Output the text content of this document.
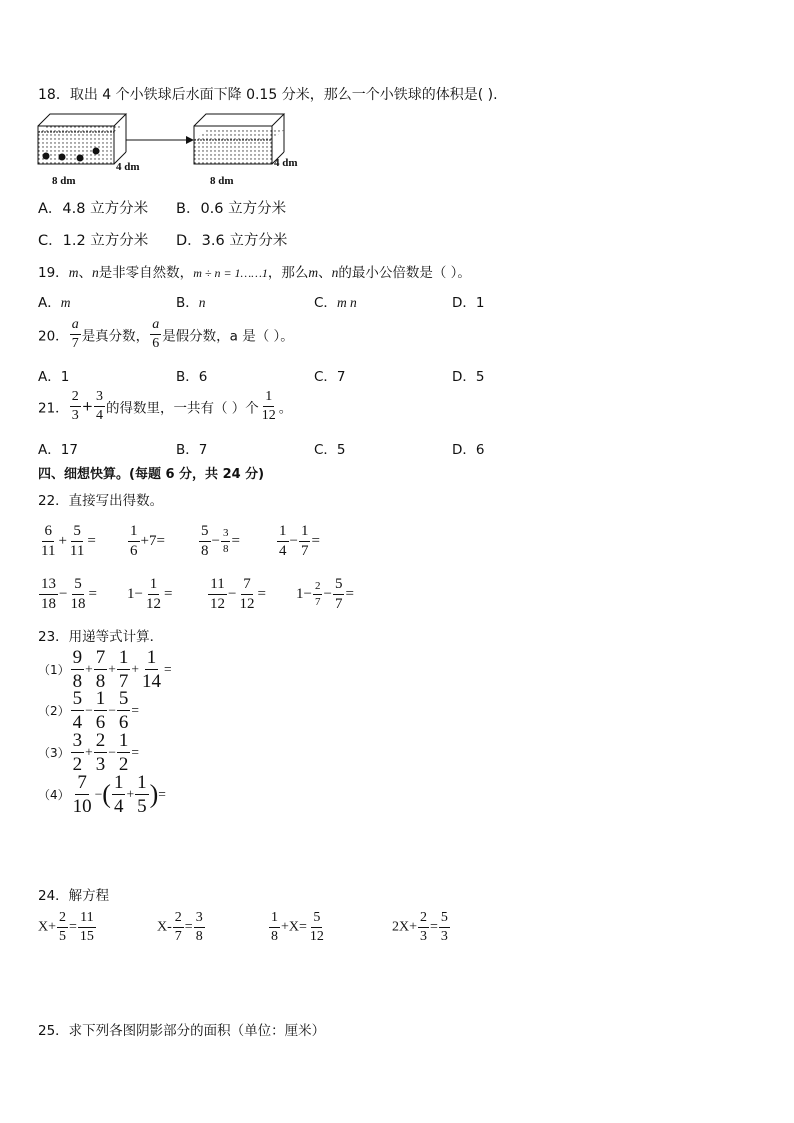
18．取出 4 个小铁球后水面下降 0.15 分米，那么一个小铁球的体积是( ).
8 dm
4 dm
8 dm
4 dm
A．4.8 立方分米 B．0.6 立方分米
C．1.2 立方分米 D．3.6 立方分米
19．m、n是非零自然数，m ÷ n = 1……1，那么m、n的最小公倍数是（ ）。
A．m	B．n	C．m n	D．1
20． $\frac{a}{7}$ 是真分数， $\frac{a}{6}$ 是假分数，a 是（ ）。
A．1	B．6	C．7	D．5
21． $\frac{2}{3} + \frac{3}{4}$ 的得数里，一共有（ ）个 $\frac{1}{12}$ 。
A．17	B．7	C．5	D．6
四、细想快算。(每题 6 分，共 24 分)
22．直接写出得数。
$\frac{6}{11} + \frac{5}{11} = \frac{1}{6} +7= \frac{5}{8} - \frac{3}{8} = \frac{1}{4} - \frac{1}{7}$ =
$\frac{13}{18} - \frac{5}{18} = 1- \frac{1}{12} = \frac{11}{12} - \frac{7}{12} = 1- \frac{2}{7} - \frac{5}{7}$ =
23．用递等式计算．
$(1) \frac{9}{8} + \frac{7}{8} + \frac{1}{7} + \frac{1}{14}$ =
$(2) \frac{5}{4} - \frac{1}{6} - \frac{5}{6}$ =
$(3) \frac{3}{2} + \frac{2}{3} - \frac{1}{2}$ =
$(4) \frac{7}{10}$ −( $\frac{1}{4} + \frac{1}{5}$ )=
24．解方程
$X+ \frac{2}{5} = \frac{11}{15}$	$X- \frac{2}{7} = \frac{3}{8}$	$\frac{1}{8} +X= \frac{5}{12}$	$2X+ \frac{2}{3} = \frac{5}{3}$
25．求下列各图阴影部分的面积（单位：厘米）
